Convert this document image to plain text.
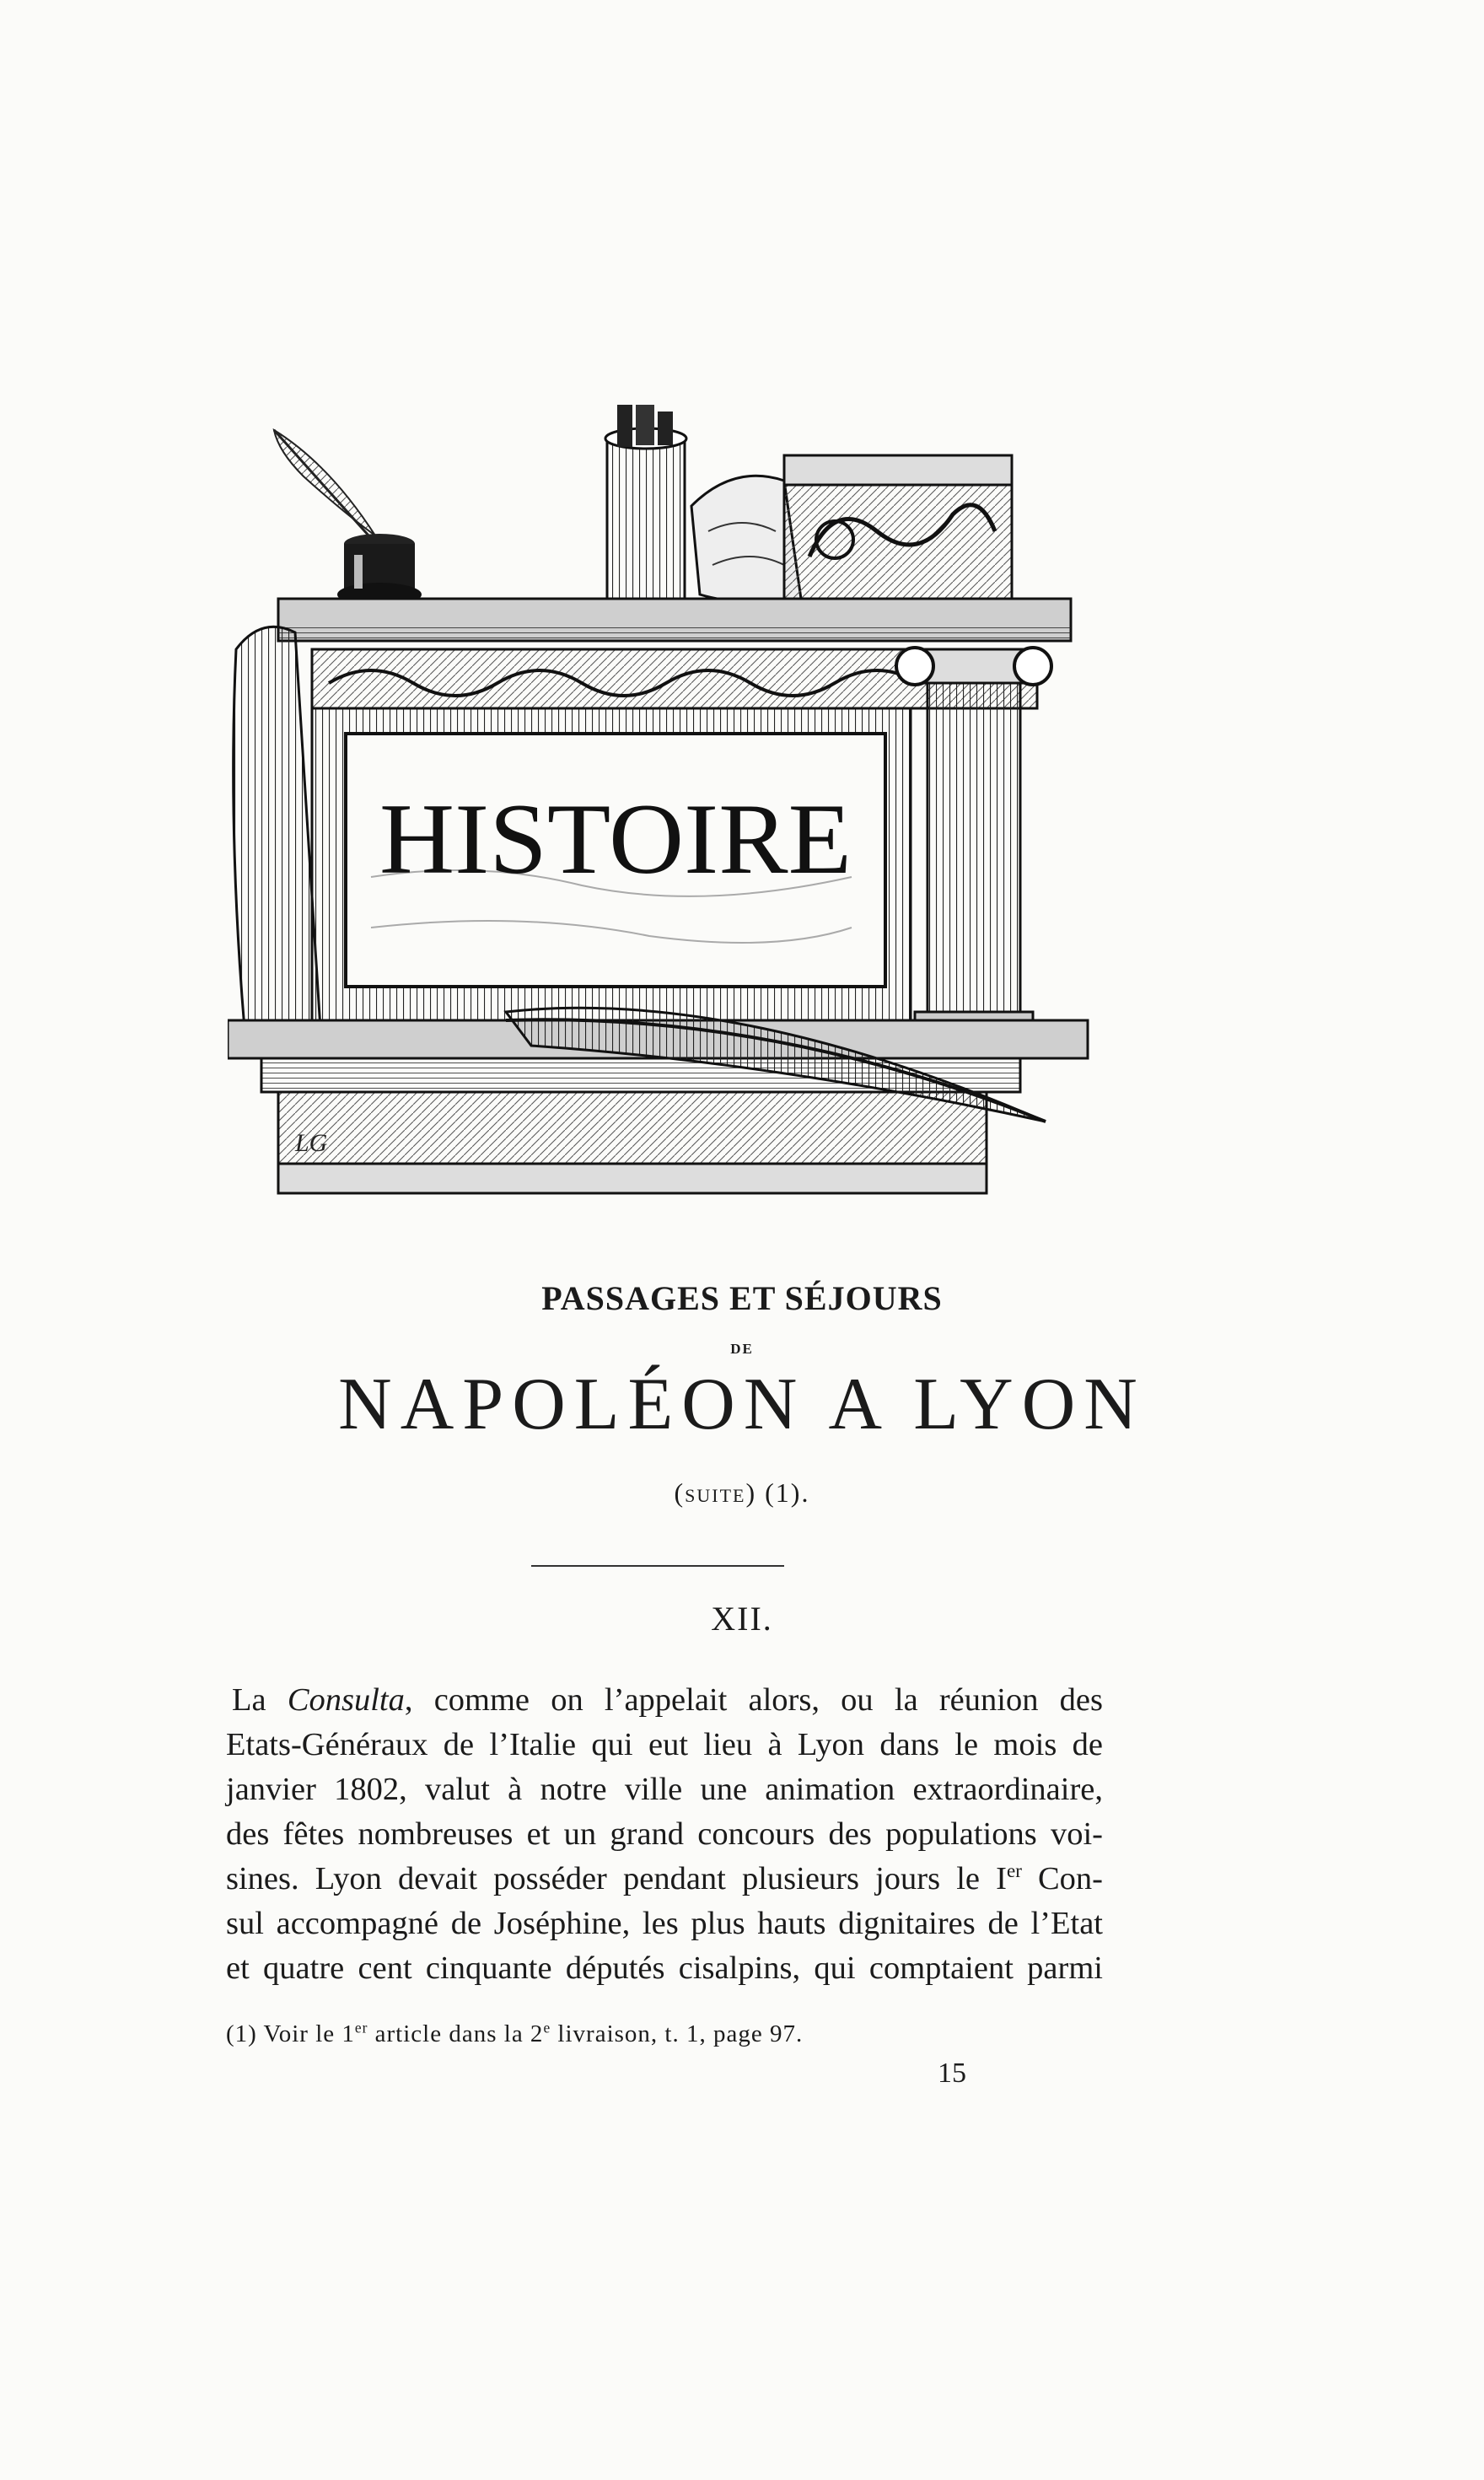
HISTOIRE
LG
PASSAGES ET SÉJOURS
DE
NAPOLÉON A LYON
(suite) (1).
XII.
La Consulta, comme on l’appelait alors, ou la réunion des
Etats-Généraux de l’Italie qui eut lieu à Lyon dans le mois de
janvier 1802, valut à notre ville une animation extraordinaire,
des fêtes nombreuses et un grand concours des populations voi-
sines. Lyon devait posséder pendant plusieurs jours le Ier Con-
sul accompagné de Joséphine, les plus hauts dignitaires de l’Etat
et quatre cent cinquante députés cisalpins, qui comptaient parmi
(1) Voir le 1er article dans la 2e livraison, t. 1, page 97.
15
